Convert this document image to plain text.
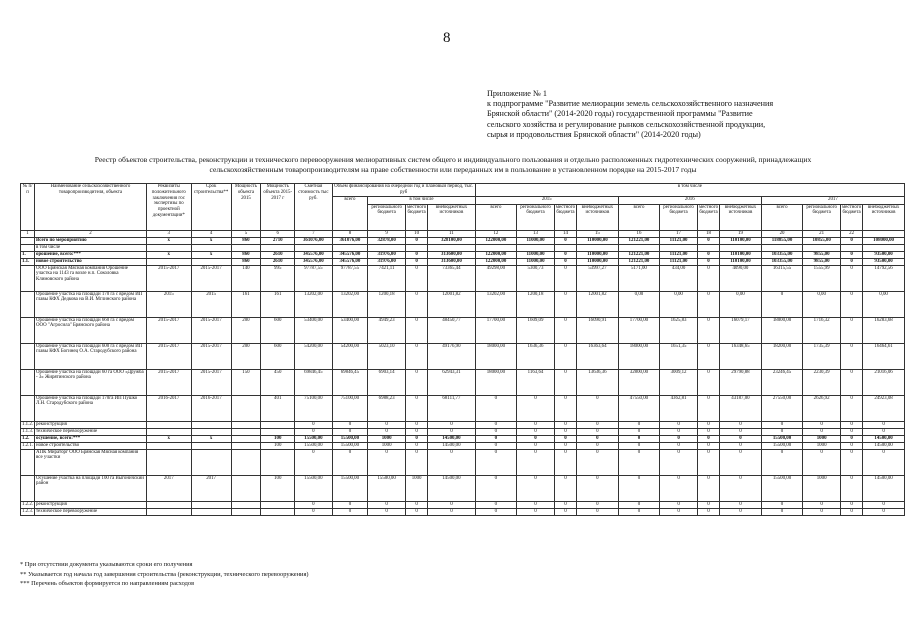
8
Приложение № 1
к подпрограмме "Развитие мелиорации земель сельскохозяйственного назначения
Брянской области" (2014-2020 годы) государственной программы "Развитие
сельского хозяйства и регулирование рынков сельскохозяйственной продукции,
сырья и продовольствия Брянской области" (2014-2020 годы)
Реестр объектов строительства, реконструкции и технического перевооружения мелиоративных систем общего и индивидуального пользования и отдельно расположенных гидротехнических сооружений, принадлежащих
сельскохозяйственным товаропроизводителям на праве собственности или переданных им в пользование в установленном порядке на 2015-2017 годы
№ п/п	Наименование сельскохозяйственного товаропроизводителя, объекта	Реквизиты положительного заключения гос экспертизы по проектной документации*	Срок строительства**	Мощность объекта 2015	Мощность объекта 2015-2017 г	Сметная стоимость тыс руб.	Объем финансирования на очередной год и плановый период, тыс. руб				в том числе											
							всего	в том числе			2015				2016				2017			
								регионального бюджета	местного бюджета	внебюджетных источников	всего	регионального бюджета	местного бюджета	внебюджетных источников	всего	регионального бюджета	местного бюджета	внебюджетных источников	всего	регионального бюджета	местного бюджета	внебюджетных источников
1	2	3	4	5	6	7	8	9	10	11	12	13	14	15	16	17	18	19	20	21	22	
	Всего по мероприятию	х	х	860	2710	361076,00	361076,00	32878,00	0	328100,00	122000,00	11000,00	0	110000,00	121221,00	11121,00	0	110100,00	118855,00	10855,00	0	108000,00
	в том числе																					
1.	орошение, всего:***	х	х	860	2610	345576,00	345576,00	31976,00	0	313600,00	122000,00	11000,00	0	110000,00	121221,00	11121,00	0	110100,00	103355,00	9855,00	0	93500,00
1.1.	новое строительство			860	2610	345576,00	345576,00	31976,00	0	313600,00	122000,00	11000,00	0	110000,00	121221,00	11121,00	0	110100,00	103355,00	9855,00	0	93500,00
	ООО Брянская Мясная компания Орошение участка на 1143 га возле н.п. Соколовка Климовского района	2015-2017	2015-2017	140	995	97787,55	97787,55	7421,11	0	73365,44	49298,00	5300,73	0	53997,27	5171,00	434,00	0	4090,00	16315,55	1555,99	0	14792,56
	Орошение участка на площади 170 га с вредом ИП главы КФХ Дедкова на В.И. Мглинского района	2015	2015	161	161	13202,00	13202,00	1200,18	0	12001,82	13202,00	1200,18	0	12001,82	0,00	0,00	0	0,00	0	0,00	0	0,00
	Орошение участка на площади 660 га с вредом ООО "Агросила" Брянского района	2015-2017	2015-2017	200	600	53400,00	53400,00	4949,23	0	48450,77	17700,00	1609,09	0	16090,91	17700,00	1625,83	0	16079,17	18000,00	1716,32	0	16283,68
	Орошение участка на площади 600 га с вредом ИП главы КФХ Богинец О.А. Стародубского района	2015-2017	2015-2017	200	600	54200,00	54200,00	5023,10	0	49176,90	18000,00	1636,36	0	16363,64	18000,00	1651,35	0	16348,65	18200,00	1735,39	0	16464,61
	Орошение участка на площади 60 га ООО «Дружба - 3» Жирятинского района	2015-2017	2015-2017	150	450	69846,45	69846,45	6903,14	0	62943,31	18000,00	1163,64	0	13636,36	32800,00	3009,12	0	29790,88	23246,45	2230,39	0	21016,06
	Орошение участка на площади 170га ИП Пушко Л.Н. Стародубского района	2016-2017	2016-2017		401	75100,00	75100,00	6988,23	0	68111,77	0	0	0	0	47550,00	4362,81	0	43187,00	27550,00	2626,92	0	24923,08
1.1.2.	реконструкция					0	0	0	0	0	0	0	0	0	0	0	0	0	0	0	0	0
1.1.3.	техническое перевооружение					0	0	0	0	0	0	0	0	0	0	0	0	0	0	0	0	0
1.2.	осушение, всего:***	х	х		100	15500,00	15500,00	1000	0	14500,00	0	0	0	0	0	0	0	0	15500,00	1000	0	14500,00
1.2.1.	новое строительство				100	15500,00	15500,00	1000	0	14500,00	0	0	0	0	0	0	0	0	15500,00	1000	0	14500,00
	АПК Мираторг ООО Брянская Мясная компания все участки					0	0	0	0	0	0	0	0	0	0	0	0	0	0	0	0	0
	Осушение участка на площади 100 га Выгоничский район	2017	2017		100	15500,00	15500,00	15500,00	1000	14500,00	0	0	0	0	0	0	0	0	15500,00	1000	0	14500,00
1.2.2.	реконструкция					0	0	0	0	0	0	0	0	0	0	0	0	0	0	0	0	0
1.2.3.	техническое перевооружение					0	0	0	0	0	0	0	0	0	0	0	0	0	0	0	0	0
* При отсутствии документа указываются сроки его получения
** Указывается год начала год завершения строительства (реконструкции, технического перевооружения)
*** Перечень объектов формируется по направлениям расходов
